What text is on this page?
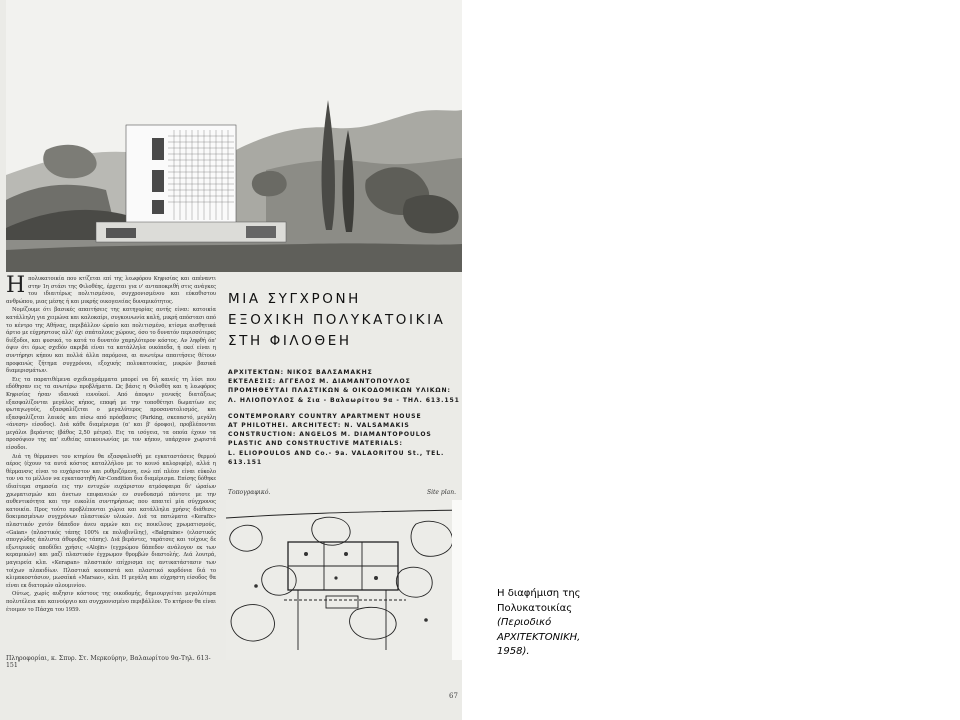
Ηπολυκατοικία που κτίζεται επί της λεωφόρου Κηφισίας και απέναντι στην 1η στάσι της Φιλοθέης, έρχεται για ν' ανταποκριθή στις ανάγκες του ιδιαιτέρως πολιτισμένου, συγχρονισμένου και εύκαθιστου ανθρώπου, μιας μέσης ή και μικρής οικογενείας δυναμικότητος.

Νομίζουμε ότι βασικές απαιτήσεις της κατηγορίας αυτής είναι: κατοικία κατάλληλη για χειμώνα και καλοκαίρι, συγκοινωνία καλή, μικρή απόστασι από το κέντρο της Αθήνας, περιβάλλον ώραίο και πολιτισμένο, κτίσμα αισθητικά άρτιο με εύχρηστους αλλ' όχι σπάταλους χώρους, όσο το δυνατόν περισσότερες διέξοδοι, και φυσικά, το κατά το δυνατόν χαμηλότερον κόστος. Αν ληφθή όπ' όψιν ότι όμως σχεδόν ακριβά είναι τα κατάλληλα οικόπεδα, ή εκεί είναι η συντήρησι κήπου και πολλά άλλα παρόμοια, αι ανωτέρω απαιτήσεις θέτουν προφανώς ζήτημα συγχρόνου, εξοχικής πολυκατοικίας, μικρών βασικά διαμερισμάτων.

Εις τα παρατιθέμενα σχεδιαγράμματα μπορεί να δή κανείς τη λύσι που εδόθησαν εις τα ανωτέρω προβλήματα. Ως βάσις η Φιλοθέη και η λεωφόρος Κηφισίας ήσαν ιδανικά ευνοϊκοί. Από άποψιν γενικής διατάξεως εξασφαλίζονται μεγάλος κήπος, επαφή με την τοποθέτησι δωματίων εις φωταγωγούς, εξασφαλίζεται ο μεγαλύτερος προσανατολισμός, και εξασφαλίζεται λαικός και πίσω από πρόσβασις (Parking, σκεπαστό, μεγάλη «άνεση» είσοδος). Διά κάθε διαμέρισμα (α' και β' όροφοι), προβλέπονται μεγάλοι βεράντες (βάθος 2,50 μέτρα). Εις τα ισόγεια, τα οποία έχουν τα προσόψιον της απ' ευθείας επικοινωνίας με τον κήπον, υπάρχουν χωριστά είσοδοι.

Διά τη θέρμανσι του κτηρίου θα εξασφαλισθή με εγκαταστάσεις θερμού αέρος (έχουν τα αυτά κόστος καταλλήλου με το κοινό καλοριφέρ), αλλά η θέρμανσις είναι το ευχάριστον και ρυθμιζόμενη, ενώ επί πλέον είναι εύκολο τον να το μέλλον να εγκαταστηθή Air-Condition δια διαμέρισμα. Επίσης δόθηκε ιδιαίτερα σημασία εις την εντυχών ευχάριστον ατμόσφαιρα δι' ώραίων χρωματισμών και άνετων επιφανειών εν συνδυασμό πάντοτε με την αυθεντικότητα και την ευκολία συντηρήσεως που απαιτεί μία σύγχρονος κατοικία. Προς τούτο προβλέπονται χώρια και κατάλληλα χρήσις διάθεσις δοκιμασμένων συγχρόνων πλαστικών υλικών. Διά τα πατώματα «Kerafix» πλαστικόν χυτόν δάπεδον άνευ αρμών και εις ποικίλους χρωματισμούς, «Gaian» (πλαστικός τάπης 100% εκ πολυβινίλης), «Balgraine» (ελαστικός σπογγώδης άπλιστα άθορυβος τάπης). Διά βεράντες, ταράτσες και τοίχους δε εξωτερικός αποδίδει χρήσις «Alojin» (εγχρώμου δάπεδον ανάλογον εκ των κεραμικών) και μαζί πλαστικόν έγχρωμον θρομβών διαστολής. Διά λουτρά, μαγειρεία κλπ. «Kerapan» πλαστικόν επίχρισμα εις αντικατάστασιν των τοίχων πλακιδίων. Πλαστικά κουπαστά και πλαστικό κορδόνια διά το κλιμακοστάσιον, μωσαϊκά «Marsao», κλπ. Η μεγάλη και εύχρηστη είσοδος θα είναι εκ διατομών αλουμινίου.

Ούτως, χωρίς αυξησιν κόστους της οικοδομής, δημιουργείται μεγαλύτερα πολυτέλεια και καινούργιο και συγχρονισμένο περιβάλλον. Το κτήριον θα είναι έτοιμον το Πάσχα του 1959.

Πληροφορίαι, κ. Σπυρ. Στ. Μερκούρην, Βαλαωρίτου 9α-Τηλ. 613-151
ΜΙΑ ΣΥΓΧΡΟΝΗ
ΕΞΟΧΙΚΗ ΠΟΛΥΚΑΤΟΙΚΙΑ
ΣΤΗ ΦΙΛΟΘΕΗ
ΑΡΧΙΤΕΚΤΩΝ: ΝΙΚΟΣ ΒΑΛΣΑΜΑΚΗΣ
ΕΚΤΕΛΕΣΙΣ: ΑΓΓΕΛΟΣ Μ. ΔΙΑΜΑΝΤΟΠΟΥΛΟΣ
ΠΡΟΜΗΘΕΥΤΑΙ ΠΛΑΣΤΙΚΩΝ & ΟΙΚΟΔΟΜΙΚΩΝ ΥΛΙΚΩΝ:
Λ. ΗΛΙΟΠΟΥΛΟΣ & Σια - Βαλαωρίτου 9α - ΤΗΛ. 613.151
CONTEMPORARY COUNTRY APARTMENT HOUSE
AT PHILOTHEI. ARCHITECT: N. VALSAMAKIS
CONSTRUCTION: ANGELOS M. DIAMANTOPOULOS
PLASTIC AND CONSTRUCTIVE MATERIALS:
L. ELIOPOULOS AND Co.- 9a. VALAORITOU St., TEL. 613.151
Τοπογραφικό.	Site plan.
67
Η διαφήμιση της
Πολυκατοικίας
(Περιοδικό
ΑΡΧΙΤΕΚΤΟΝΙΚΗ,
1958).
